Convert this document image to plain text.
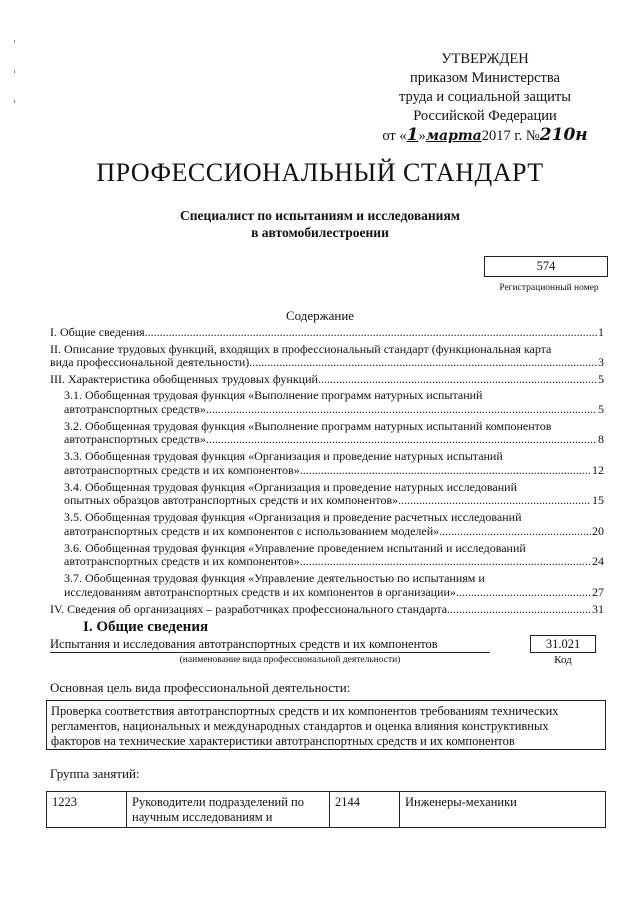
УТВЕРЖДЕН
приказом Министерства
труда и социальной защиты
Российской Федерации
от «1»марта2017 г. №210н
ПРОФЕССИОНАЛЬНЫЙ СТАНДАРТ
Специалист по испытаниям и исследованиям
в автомобилестроении
574
Регистрационный номер
Содержание
I. Общие сведения .....	1
II. Описание трудовых функций, входящих в профессиональный стандарт (функциональная карта
вида профессиональной деятельности) .....	3
III. Характеристика обобщенных трудовых функций .....	5
3.1. Обобщенная трудовая функция «Выполнение программ натурных испытаний
автотранспортных средств» .....	5
3.2. Обобщенная трудовая функция «Выполнение программ натурных испытаний компонентов
автотранспортных средств» .....	8
3.3. Обобщенная трудовая функция «Организация и проведение натурных испытаний
автотранспортных средств и их компонентов» .....	12
3.4. Обобщенная трудовая функция «Организация и проведение натурных исследований
опытных образцов автотранспортных средств и их компонентов» .....	15
3.5. Обобщенная трудовая функция «Организация и проведение расчетных исследований
автотранспортных средств и их компонентов с использованием моделей» .....	20
3.6. Обобщенная трудовая функция «Управление проведением испытаний и исследований
автотранспортных средств и их компонентов» .....	24
3.7. Обобщенная трудовая функция «Управление деятельностью по испытаниям и
исследованиям автотранспортных средств и их компонентов в организации» .....	27
IV. Сведения об организациях – разработчиках профессионального стандарта .....	31
I. Общие сведения
Испытания и исследования автотранспортных средств и их компонентов	31.021
(наименование вида профессиональной деятельности)	Код
Основная цель вида профессиональной деятельности:
Проверка соответствия автотранспортных средств и их компонентов требованиям технических регламентов, национальных и международных стандартов и оценка влияния конструктивных факторов на технические характеристики автотранспортных средств и их компонентов
Группа занятий:
1223	Руководители подразделений по научным исследованиям и	2144	Инженеры-механики
